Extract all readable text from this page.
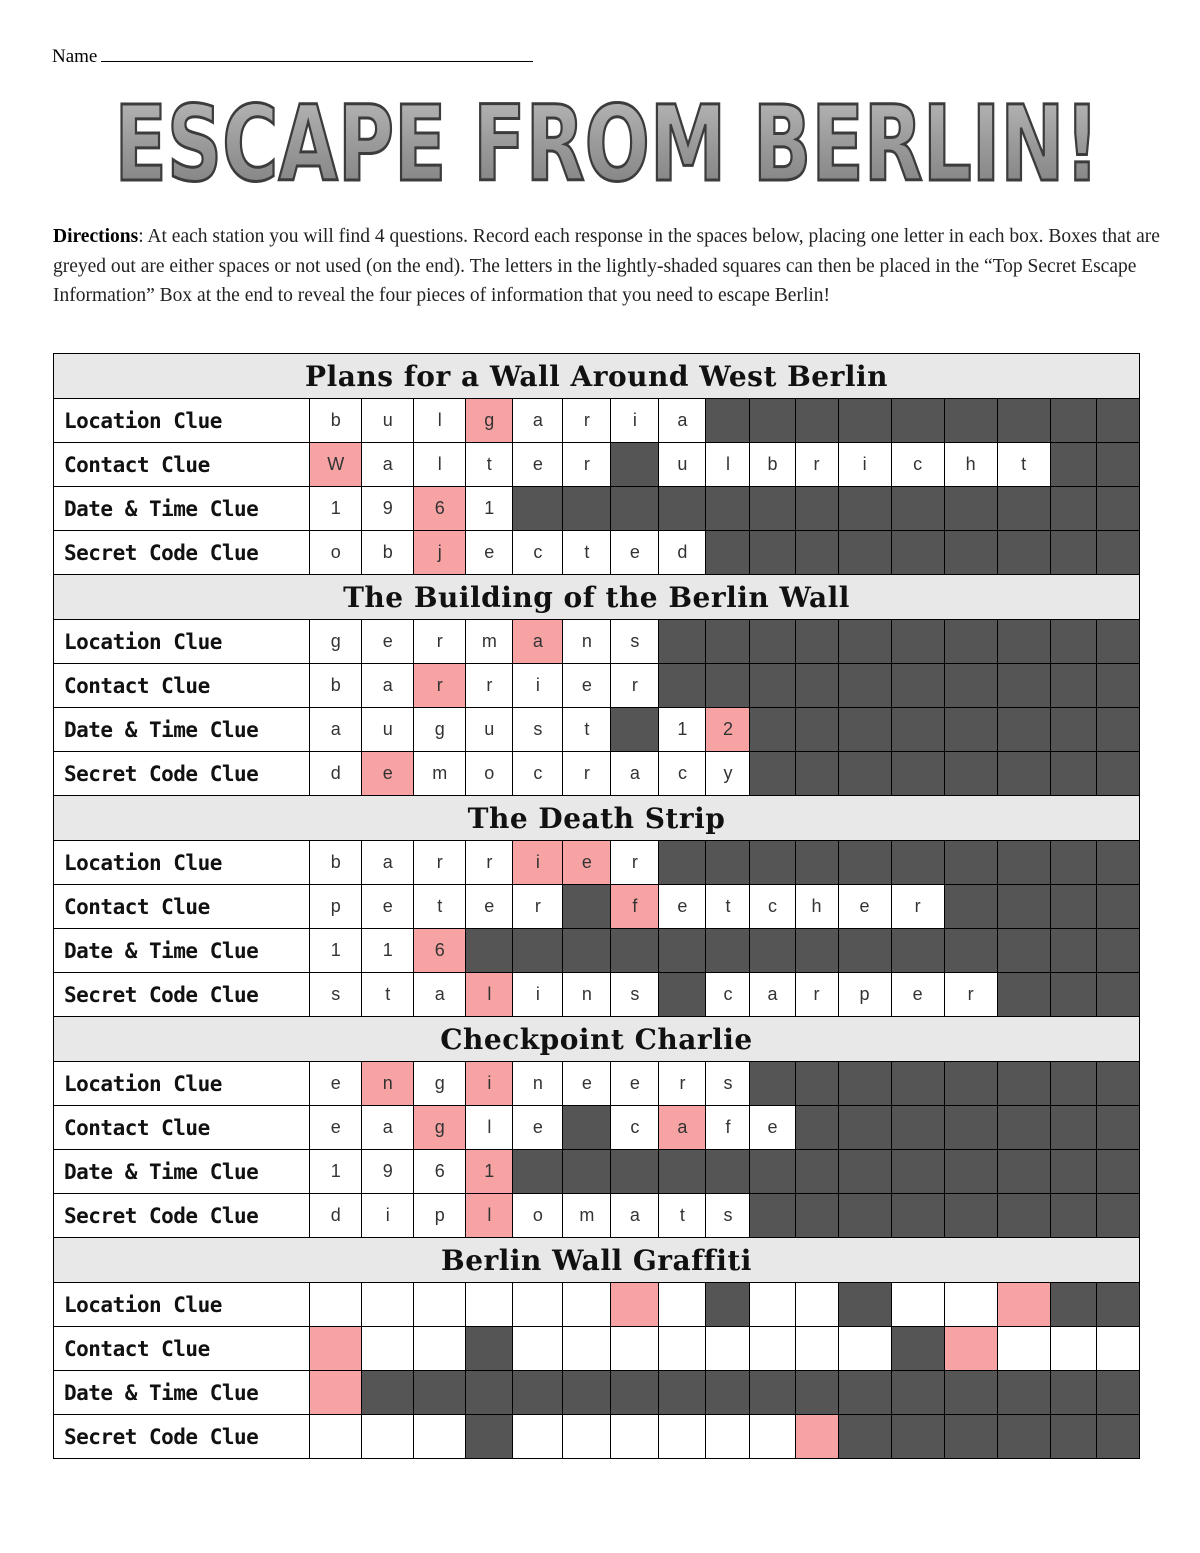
Name
ESCAPE FROM BERLIN!
Directions: At each station you will find 4 questions. Record each response in the spaces below, placing one letter in each box. Boxes that are greyed out are either spaces or not used (on the end). The letters in the lightly-shaded squares can then be placed in the “Top Secret Escape Information” Box at the end to reveal the four pieces of information that you need to escape Berlin!
Plans for a Wall Around West Berlin																	
Location Clue	b	u	l	g	a	r	i	a									
Contact Clue	W	a	l	t	e	r		u	l	b	r	i	c	h	t		
Date & Time Clue	1	9	6	1													
Secret Code Clue	o	b	j	e	c	t	e	d									
The Building of the Berlin Wall																	
Location Clue	g	e	r	m	a	n	s										
Contact Clue	b	a	r	r	i	e	r										
Date & Time Clue	a	u	g	u	s	t		1	2								
Secret Code Clue	d	e	m	o	c	r	a	c	y								
The Death Strip																	
Location Clue	b	a	r	r	i	e	r										
Contact Clue	p	e	t	e	r		f	e	t	c	h	e	r				
Date & Time Clue	1	1	6														
Secret Code Clue	s	t	a	l	i	n	s		c	a	r	p	e	r			
Checkpoint Charlie																	
Location Clue	e	n	g	i	n	e	e	r	s								
Contact Clue	e	a	g	l	e		c	a	f	e							
Date & Time Clue	1	9	6	1													
Secret Code Clue	d	i	p	l	o	m	a	t	s								
Berlin Wall Graffiti																	
Location Clue																	
Contact Clue																	
Date & Time Clue																	
Secret Code Clue																	
